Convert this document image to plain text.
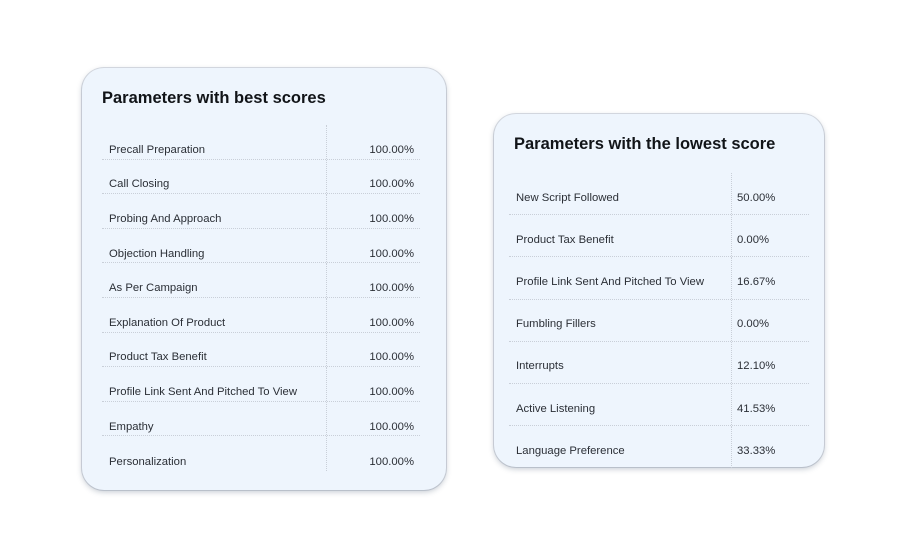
Parameters with best scores
Precall Preparation	100.00%
Call Closing	100.00%
Probing And Approach	100.00%
Objection Handling	100.00%
As Per Campaign	100.00%
Explanation Of Product	100.00%
Product Tax Benefit	100.00%
Profile Link Sent And Pitched To View	100.00%
Empathy	100.00%
Personalization	100.00%
Parameters with the lowest score
New Script Followed	50.00%
Product Tax Benefit	0.00%
Profile Link Sent And Pitched To View	16.67%
Fumbling Fillers	0.00%
Interrupts	12.10%
Active Listening	41.53%
Language Preference	33.33%
